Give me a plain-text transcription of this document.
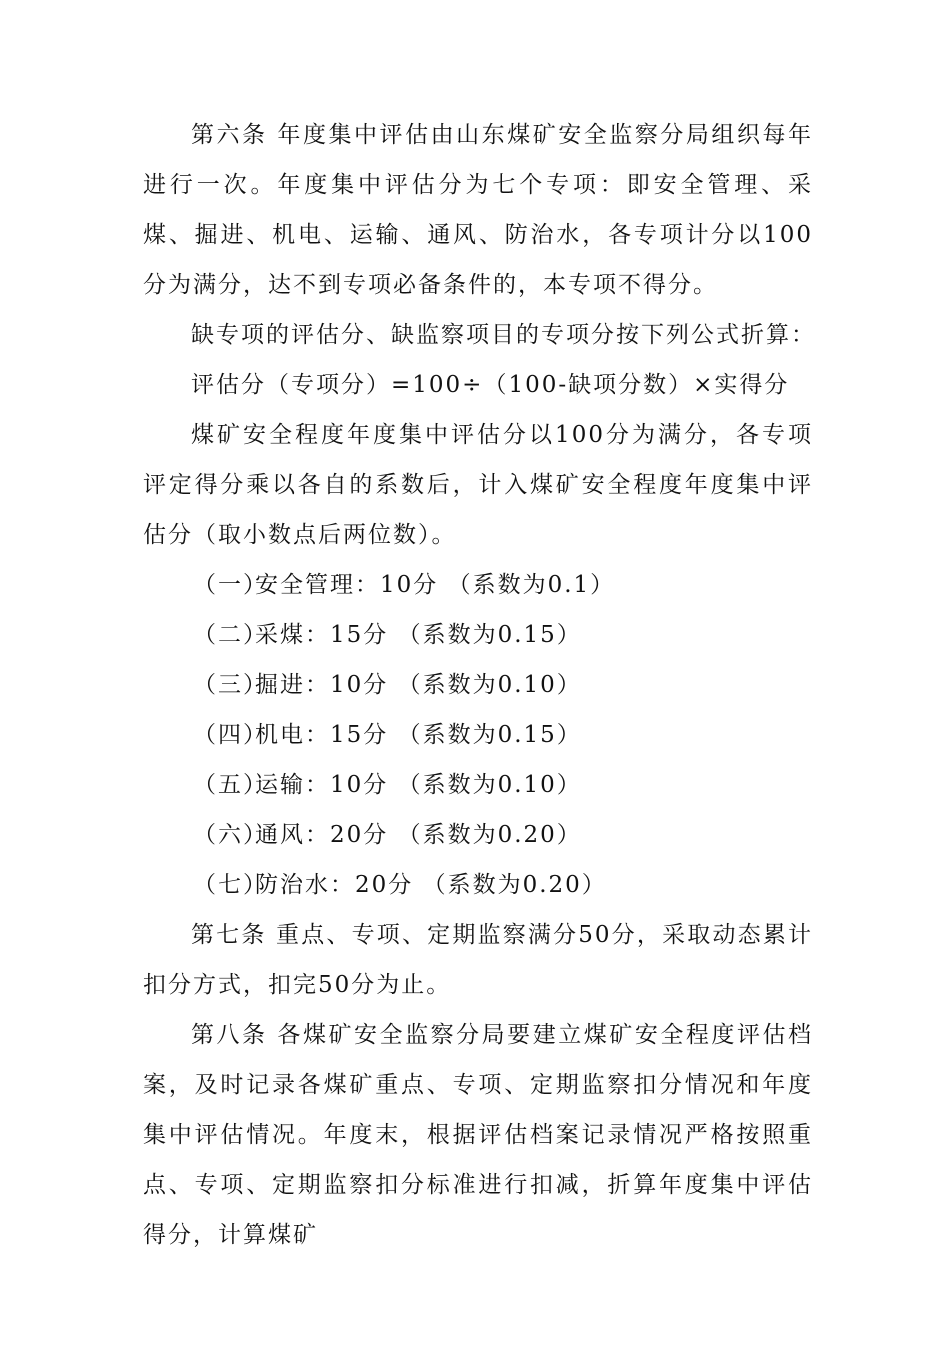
第六条 年度集中评估由山东煤矿安全监察分局组织每年进行一次。年度集中评估分为七个专项：即安全管理、采煤、掘进、机电、运输、通风、防治水，各专项计分以100分为满分，达不到专项必备条件的，本专项不得分。

缺专项的评估分、缺监察项目的专项分按下列公式折算：

评估分（专项分）=100÷（100-缺项分数）×实得分

煤矿安全程度年度集中评估分以100分为满分，各专项评定得分乘以各自的系数后，计入煤矿安全程度年度集中评估分（取小数点后两位数）。

（一）安全管理：10分 （系数为0.1）

（二）采煤：15分 （系数为0.15）

（三）掘进：10分 （系数为0.10）

（四）机电：15分 （系数为0.15）

（五）运输：10分 （系数为0.10）

（六）通风：20分 （系数为0.20）

（七）防治水：20分 （系数为0.20）

第七条 重点、专项、定期监察满分50分，采取动态累计扣分方式，扣完50分为止。

第八条 各煤矿安全监察分局要建立煤矿安全程度评估档案，及时记录各煤矿重点、专项、定期监察扣分情况和年度集中评估情况。年度末，根据评估档案记录情况严格按照重点、专项、定期监察扣分标准进行扣减，折算年度集中评估得分，计算煤矿
